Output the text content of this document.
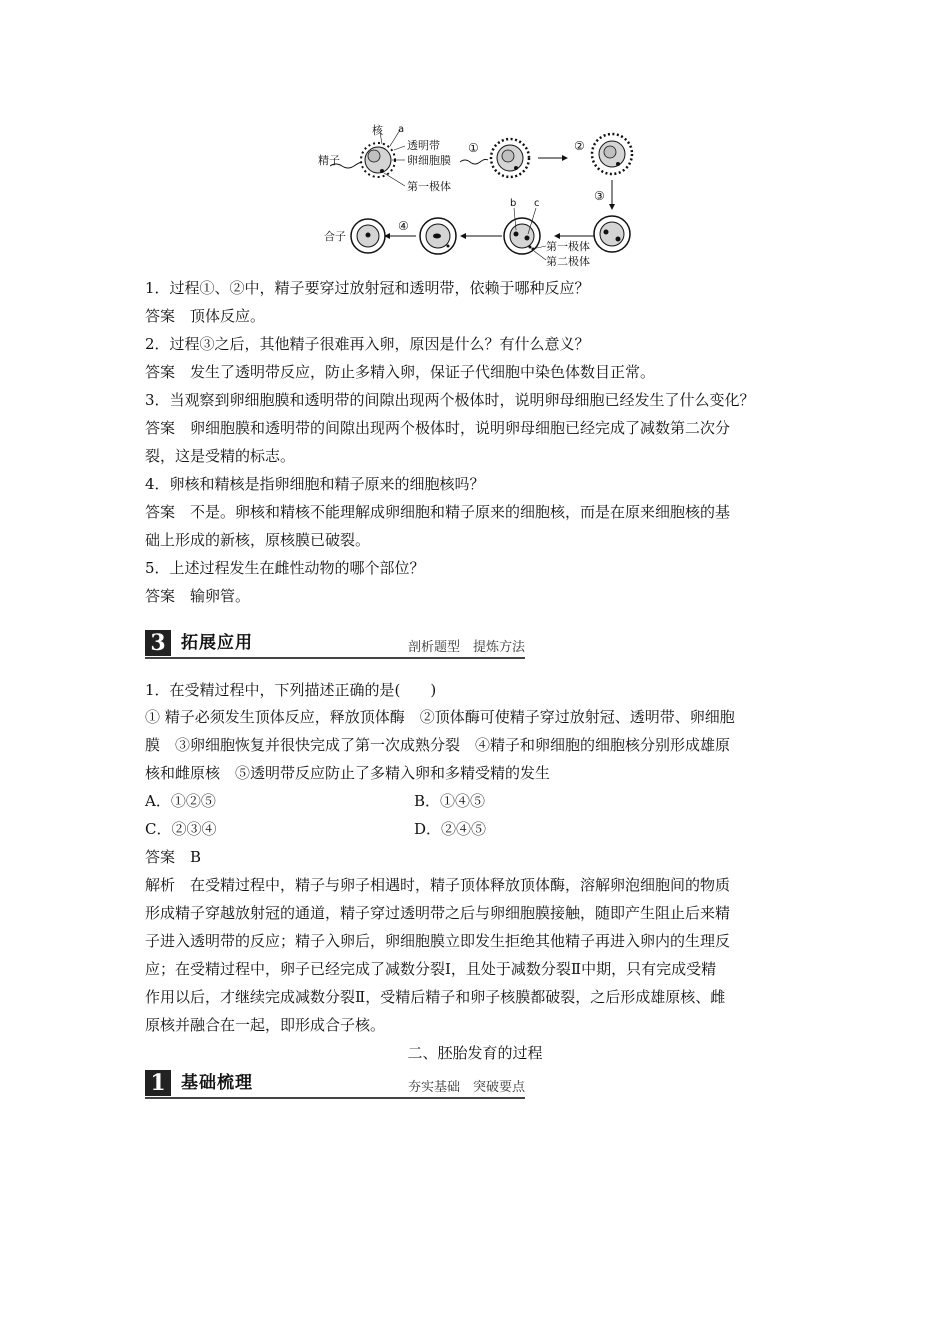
核 a
透明带
卵细胞膜
精子
第一极体
①	②
③
b c
第一极体
第二极体
④
合子
1．过程①、②中，精子要穿过放射冠和透明带，依赖于哪种反应？
答案　顶体反应。
2．过程③之后，其他精子很难再入卵，原因是什么？有什么意义？
答案　发生了透明带反应，防止多精入卵，保证子代细胞中染色体数目正常。
3．当观察到卵细胞膜和透明带的间隙出现两个极体时，说明卵母细胞已经发生了什么变化？
答案　卵细胞膜和透明带的间隙出现两个极体时，说明卵母细胞已经完成了减数第二次分
裂，这是受精的标志。
4．卵核和精核是指卵细胞和精子原来的细胞核吗？
答案　不是。卵核和精核不能理解成卵细胞和精子原来的细胞核，而是在原来细胞核的基
础上形成的新核，原核膜已破裂。
5．上述过程发生在雌性动物的哪个部位？
答案　输卵管。
3 拓展应用	剖析题型　提炼方法
1．在受精过程中，下列描述正确的是(　　)
① 精子必须发生顶体反应，释放顶体酶　②顶体酶可使精子穿过放射冠、透明带、卵细胞
膜　③卵细胞恢复并很快完成了第一次成熟分裂　④精子和卵细胞的细胞核分别形成雄原
核和雌原核　⑤透明带反应防止了多精入卵和多精受精的发生
A．①②⑤	B．①④⑤
C．②③④	D．②④⑤
答案　B
解析　在受精过程中，精子与卵子相遇时，精子顶体释放顶体酶，溶解卵泡细胞间的物质
形成精子穿越放射冠的通道，精子穿过透明带之后与卵细胞膜接触，随即产生阻止后来精
子进入透明带的反应；精子入卵后，卵细胞膜立即发生拒绝其他精子再进入卵内的生理反
应；在受精过程中，卵子已经完成了减数分裂Ⅰ，且处于减数分裂Ⅱ中期，只有完成受精
作用以后，才继续完成减数分裂Ⅱ，受精后精子和卵子核膜都破裂，之后形成雄原核、雌
原核并融合在一起，即形成合子核。
二、胚胎发育的过程
1 基础梳理	夯实基础　突破要点
